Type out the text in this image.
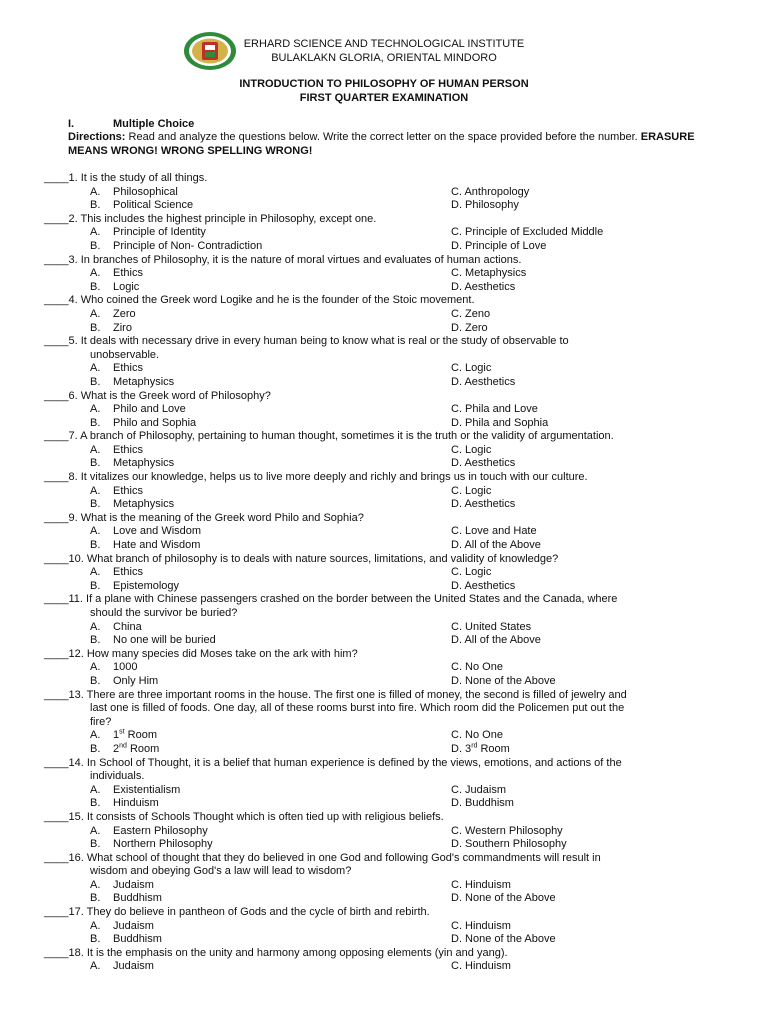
ERHARD SCIENCE AND TECHNOLOGICAL INSTITUTE
BULAKLAKN GLORIA, ORIENTAL MINDORO
INTRODUCTION TO PHILOSOPHY OF HUMAN PERSON
FIRST QUARTER EXAMINATION
I.	Multiple Choice
Directions: Read and analyze the questions below. Write the correct letter on the space provided before the number. ERASURE MEANS WRONG! WRONG SPELLING WRONG!
____1. It is the study of all things.
A. Philosophical	C. Anthropology
B. Political Science	D. Philosophy
____2. This includes the highest principle in Philosophy, except one.
A. Principle of Identity	C. Principle of Excluded Middle
B. Principle of Non- Contradiction	D. Principle of Love
____3. In branches of Philosophy, it is the nature of moral virtues and evaluates of human actions.
A. Ethics	C. Metaphysics
B. Logic	D. Aesthetics
____4. Who coined the Greek word Logike and he is the founder of the Stoic movement.
A. Zero	C. Zeno
B. Ziro	D. Zero
____5. It deals with necessary drive in every human being to know what is real or the study of observable to
unobservable.
A. Ethics	C. Logic
B. Metaphysics	D. Aesthetics
____6. What is the Greek word of Philosophy?
A. Philo and Love	C. Phila and Love
B. Philo and Sophia	D. Phila and Sophia
____7. A branch of Philosophy, pertaining to human thought, sometimes it is the truth or the validity of argumentation.
A. Ethics	C. Logic
B. Metaphysics	D. Aesthetics
____8. It vitalizes our knowledge, helps us to live more deeply and richly and brings us in touch with our culture.
A. Ethics	C. Logic
B. Metaphysics	D. Aesthetics
____9. What is the meaning of the Greek word Philo and Sophia?
A. Love and Wisdom	C. Love and Hate
B. Hate and Wisdom	D. All of the Above
____10. What branch of philosophy is to deals with nature sources, limitations, and validity of knowledge?
A. Ethics	C. Logic
B. Epistemology	D. Aesthetics
____11. If a plane with Chinese passengers crashed on the border between the United States and the Canada, where
should the survivor be buried?
A. China	C. United States
B. No one will be buried	D. All of the Above
____12. How many species did Moses take on the ark with him?
A. 1000	C. No One
B. Only Him	D. None of the Above
____13. There are three important rooms in the house. The first one is filled of money, the second is filled of jewelry and
last one is filled of foods. One day, all of these rooms burst into fire. Which room did the Policemen put out the
fire?
A. 1st Room	C. No One
B. 2nd Room	D. 3rd Room
____14. In School of Thought, it is a belief that human experience is defined by the views, emotions, and actions of the
individuals.
A. Existentialism	C. Judaism
B. Hinduism	D. Buddhism
____15. It consists of Schools Thought which is often tied up with religious beliefs.
A. Eastern Philosophy	C. Western Philosophy
B. Northern Philosophy	D. Southern Philosophy
____16. What school of thought that they do believed in one God and following God's commandments will result in
wisdom and obeying God's a law will lead to wisdom?
A. Judaism	C. Hinduism
B. Buddhism	D. None of the Above
____17. They do believe in pantheon of Gods and the cycle of birth and rebirth.
A. Judaism	C. Hinduism
B. Buddhism	D. None of the Above
____18. It is the emphasis on the unity and harmony among opposing elements (yin and yang).
A. Judaism	C. Hinduism
